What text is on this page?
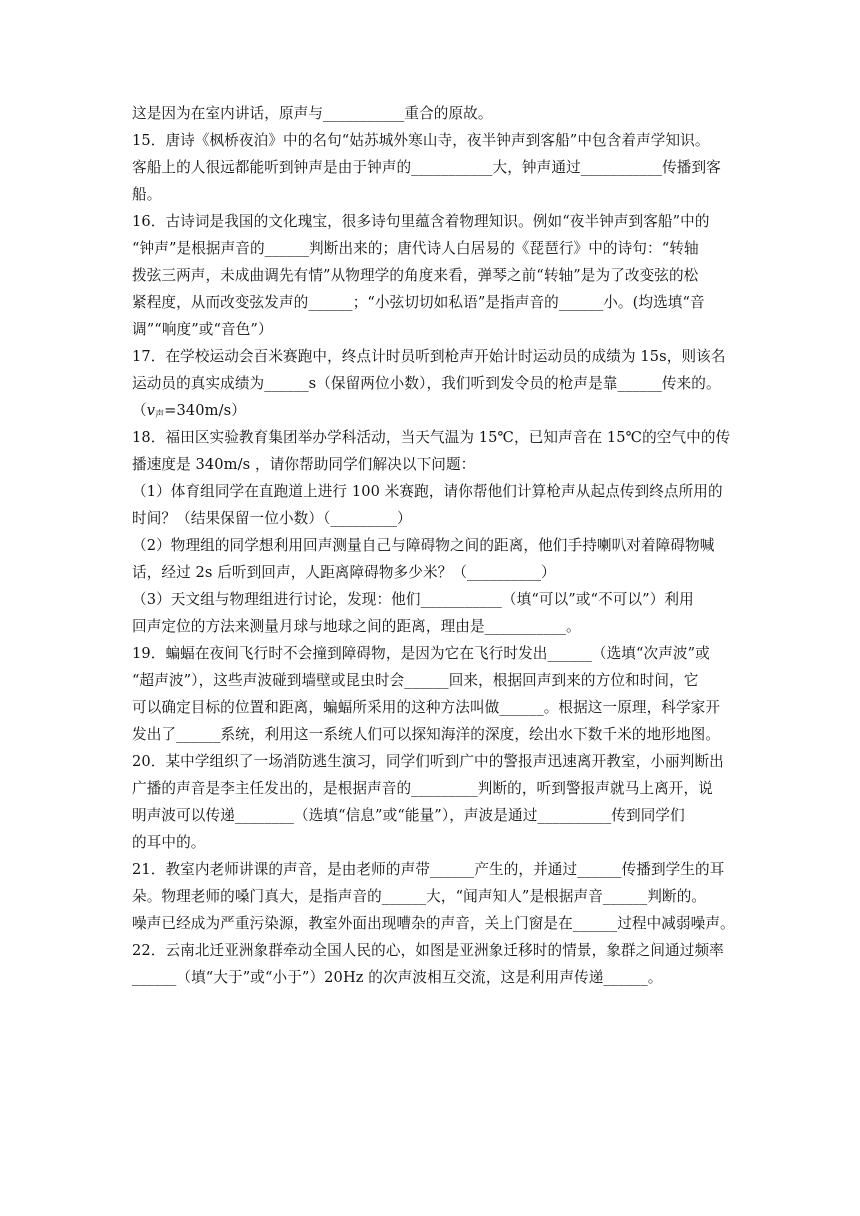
这是因为在室内讲话，原声与___________重合的原故。
15．唐诗《枫桥夜泊》中的名句“姑苏城外寒山寺，夜半钟声到客船”中包含着声学知识。
客船上的人很远都能听到钟声是由于钟声的___________大，钟声通过___________传播到客
船。
16．古诗词是我国的文化瑰宝，很多诗句里蕴含着物理知识。例如“夜半钟声到客船”中的
“钟声”是根据声音的______判断出来的；唐代诗人白居易的《琵琶行》中的诗句：“转轴
拨弦三两声，未成曲调先有情”从物理学的角度来看，弹琴之前“转轴”是为了改变弦的松
紧程度，从而改变弦发声的______；“小弦切切如私语”是指声音的______小。(均选填“音
调”“响度”或“音色”）
17．在学校运动会百米赛跑中，终点计时员听到枪声开始计时运动员的成绩为 15s，则该名
运动员的真实成绩为______s（保留两位小数），我们听到发令员的枪声是靠______传来的。
$(v_声=340m/s)$
18．福田区实验教育集团举办学科活动，当天气温为 15℃，已知声音在 15℃的空气中的传
播速度是 340m/s ，请你帮助同学们解决以下问题：
（1）体育组同学在直跑道上进行 100 米赛跑，请你帮他们计算枪声从起点传到终点所用的
时间？（结果保留一位小数）（_________）
（2）物理组的同学想利用回声测量自己与障碍物之间的距离，他们手持喇叭对着障碍物喊
话，经过 2s 后听到回声，人距离障碍物多少米？（__________）
（3）天文组与物理组进行讨论，发现：他们___________（填“可以”或“不可以”）利用
回声定位的方法来测量月球与地球之间的距离，理由是___________。
19．蝙蝠在夜间飞行时不会撞到障碍物，是因为它在飞行时发出______（选填“次声波”或
“超声波”），这些声波碰到墙壁或昆虫时会______回来，根据回声到来的方位和时间，它
可以确定目标的位置和距离，蝙蝠所采用的这种方法叫做______。根据这一原理，科学家开
发出了______系统，利用这一系统人们可以探知海洋的深度，绘出水下数千米的地形地图。
20．某中学组织了一场消防逃生演习，同学们听到广中的警报声迅速离开教室，小丽判断出
广播的声音是李主任发出的，是根据声音的_________判断的，听到警报声就马上离开，说
明声波可以传递________（选填“信息”或“能量”），声波是通过__________传到同学们
的耳中的。
21．教室内老师讲课的声音，是由老师的声带______产生的，并通过______传播到学生的耳
朵。物理老师的嗓门真大，是指声音的______大，“闻声知人”是根据声音______判断的。
噪声已经成为严重污染源，教室外面出现嘈杂的声音，关上门窗是在______过程中减弱噪声。
22．云南北迁亚洲象群牵动全国人民的心，如图是亚洲象迁移时的情景，象群之间通过频率
______（填“大于”或“小于”）20Hz 的次声波相互交流，这是利用声传递______。
